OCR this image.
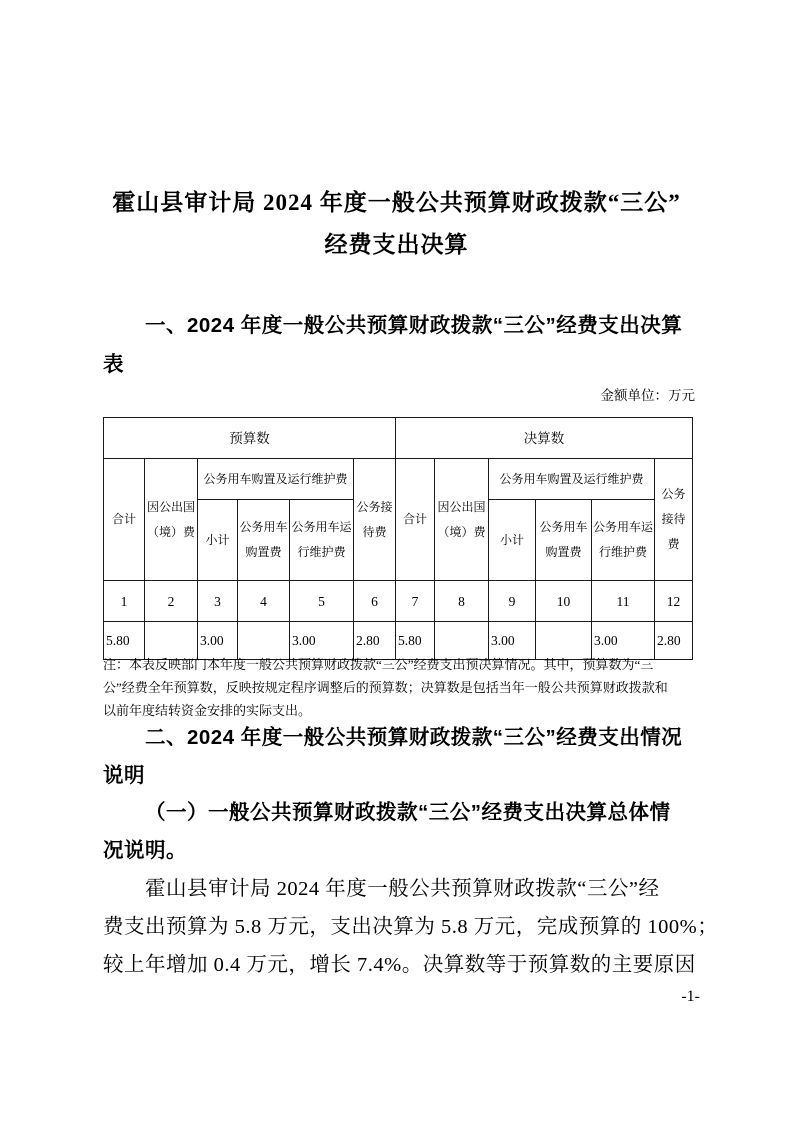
霍山县审计局 2024 年度一般公共预算财政拨款“三公”
经费支出决算
一、2024 年度一般公共预算财政拨款“三公”经费支出决算
表
金额单位：万元
预算数						决算数					
合计	因公出国（境）费	公务用车购置及运行维护费			公务接待费	合计	因公出国（境）费	公务用车购置及运行维护费			公务接待费
		小计	公务用车购置费	公务用车运行维护费				小计	公务用车购置费	公务用车运行维护费	
1	2	3	4	5	6	7	8	9	10	11	12
5.80		3.00		3.00	2.80	5.80		3.00		3.00	2.80
注：本表反映部门本年度一般公共预算财政拨款“三公”经费支出预决算情况。其中，预算数为“三
公”经费全年预算数，反映按规定程序调整后的预算数；决算数是包括当年一般公共预算财政拨款和
以前年度结转资金安排的实际支出。
二、2024 年度一般公共预算财政拨款“三公”经费支出情况
说明
（一）一般公共预算财政拨款“三公”经费支出决算总体情
况说明。
霍山县审计局 2024 年度一般公共预算财政拨款“三公”经
费支出预算为 5.8 万元，支出决算为 5.8 万元，完成预算的 100%；
较上年增加 0.4 万元，增长 7.4%。决算数等于预算数的主要原因
-1-
